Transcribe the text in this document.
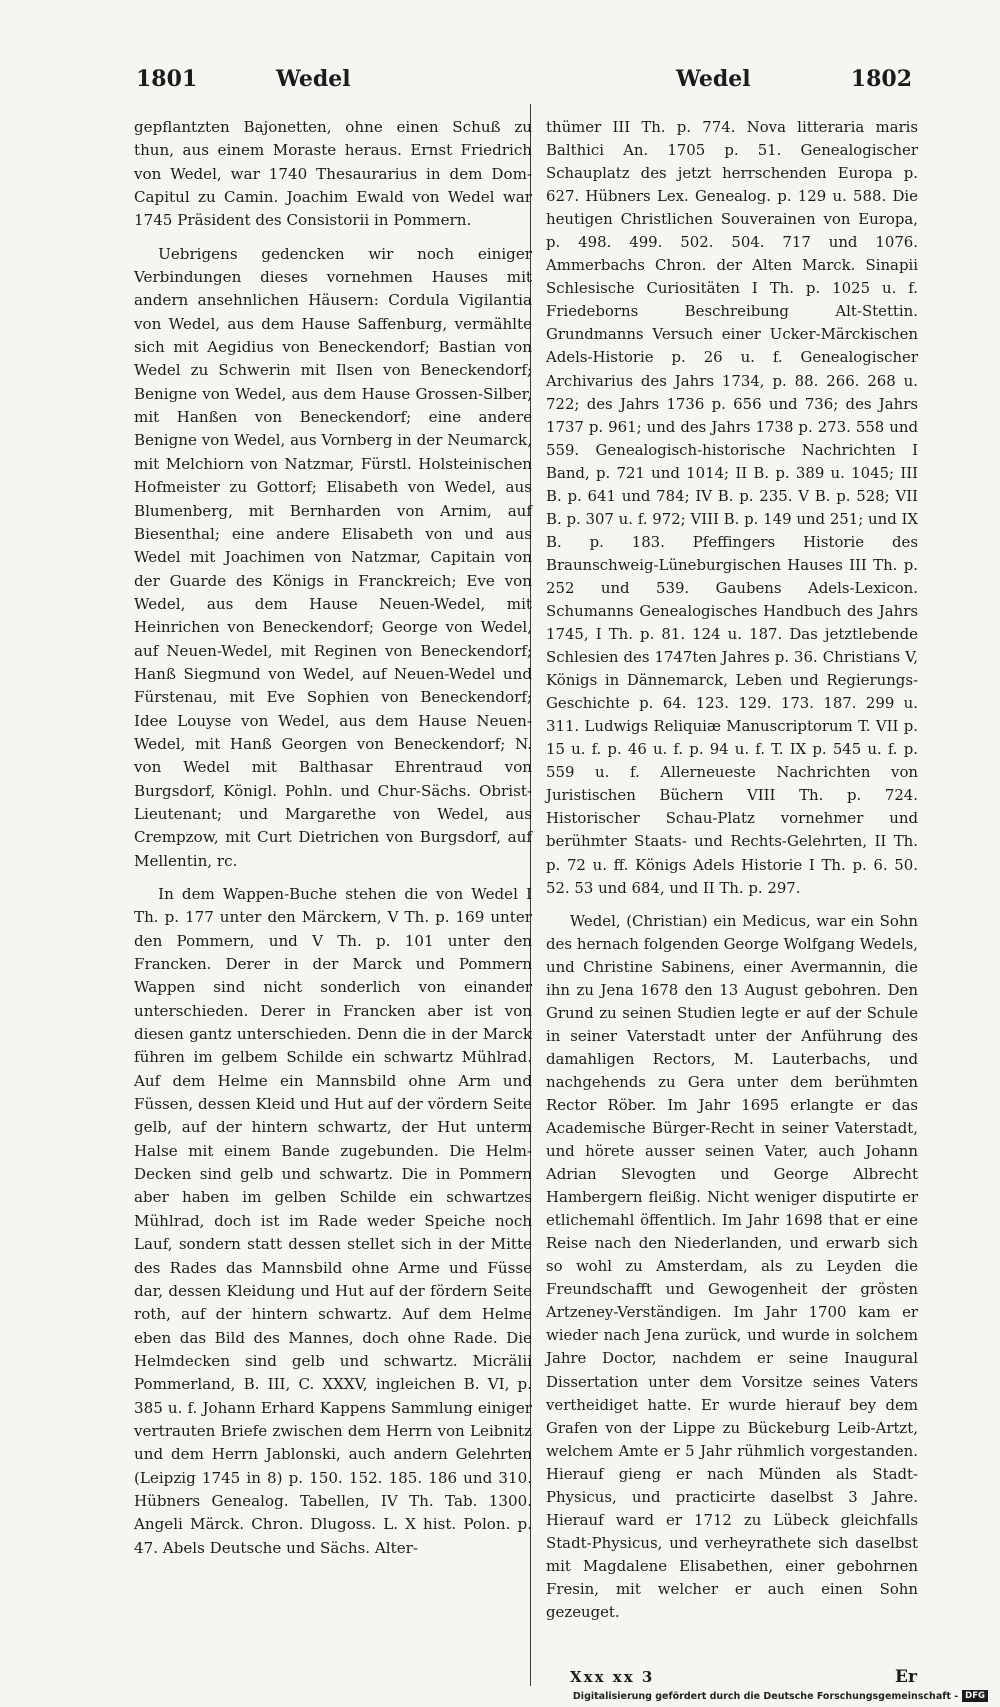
1801	Wedel	Wedel	1802

gepflantzten Bajonetten, ohne einen Schuß zu thun, aus einem Moraste heraus. Ernst Friedrich von Wedel, war 1740 Thesaurarius in dem Dom-Capitul zu Camin. Joachim Ewald von Wedel war 1745 Präsident des Consistorii in Pommern.

Uebrigens gedencken wir noch einiger Verbindungen dieses vornehmen Hauses mit andern ansehnlichen Häusern: Cordula Vigilantia von Wedel, aus dem Hause Saffenburg, vermählte sich mit Aegidius von Beneckendorf; Bastian von Wedel zu Schwerin mit Ilsen von Beneckendorf; Benigne von Wedel, aus dem Hause Grossen-Silber, mit Hanßen von Beneckendorf; eine andere Benigne von Wedel, aus Vornberg in der Neumarck, mit Melchiorn von Natzmar, Fürstl. Holsteinischen Hofmeister zu Gottorf; Elisabeth von Wedel, aus Blumenberg, mit Bernharden von Arnim, auf Biesenthal; eine andere Elisabeth von und aus Wedel mit Joachimen von Natzmar, Capitain von der Guarde des Königs in Franckreich; Eve von Wedel, aus dem Hause Neuen-Wedel, mit Heinrichen von Beneckendorf; George von Wedel, auf Neuen-Wedel, mit Reginen von Beneckendorf; Hanß Siegmund von Wedel, auf Neuen-Wedel und Fürstenau, mit Eve Sophien von Beneckendorf; Idee Louyse von Wedel, aus dem Hause Neuen-Wedel, mit Hanß Georgen von Beneckendorf; N. von Wedel mit Balthasar Ehrentraud von Burgsdorf, Königl. Pohln. und Chur-Sächs. Obrist-Lieutenant; und Margarethe von Wedel, aus Crempzow, mit Curt Dietrichen von Burgsdorf, auf Mellentin, rc.

In dem Wappen-Buche stehen die von Wedel I Th. p. 177 unter den Märckern, V Th. p. 169 unter den Pommern, und V Th. p. 101 unter den Francken. Derer in der Marck und Pommern Wappen sind nicht sonderlich von einander unterschieden. Derer in Francken aber ist von diesen gantz unterschieden. Denn die in der Marck führen im gelbem Schilde ein schwartz Mühlrad. Auf dem Helme ein Mannsbild ohne Arm und Füssen, dessen Kleid und Hut auf der vördern Seite gelb, auf der hintern schwartz, der Hut unterm Halse mit einem Bande zugebunden. Die Helm-Decken sind gelb und schwartz. Die in Pommern aber haben im gelben Schilde ein schwartzes Mühlrad, doch ist im Rade weder Speiche noch Lauf, sondern statt dessen stellet sich in der Mitte des Rades das Mannsbild ohne Arme und Füsse dar, dessen Kleidung und Hut auf der fördern Seite roth, auf der hintern schwartz. Auf dem Helme eben das Bild des Mannes, doch ohne Rade. Die Helmdecken sind gelb und schwartz. Micrälii Pommerland, B. III, C. XXXV, ingleichen B. VI, p. 385 u. f. Johann Erhard Kappens Sammlung einiger vertrauten Briefe zwischen dem Herrn von Leibnitz und dem Herrn Jablonski, auch andern Gelehrten (Leipzig 1745 in 8) p. 150. 152. 185. 186 und 310. Hübners Genealog. Tabellen, IV Th. Tab. 1300. Angeli Märck. Chron. Dlugoss. L. X hist. Polon. p. 47. Abels Deutsche und Sächs. Alter-

thümer III Th. p. 774. Nova litteraria maris Balthici An. 1705 p. 51. Genealogischer Schauplatz des jetzt herrschenden Europa p. 627. Hübners Lex. Genealog. p. 129 u. 588. Die heutigen Christlichen Souverainen von Europa, p. 498. 499. 502. 504. 717 und 1076. Ammerbachs Chron. der Alten Marck. Sinapii Schlesische Curiositäten I Th. p. 1025 u. f. Friedeborns Beschreibung Alt-Stettin. Grundmanns Versuch einer Ucker-Märckischen Adels-Historie p. 26 u. f. Genealogischer Archivarius des Jahrs 1734, p. 88. 266. 268 u. 722; des Jahrs 1736 p. 656 und 736; des Jahrs 1737 p. 961; und des Jahrs 1738 p. 273. 558 und 559. Genealogisch-historische Nachrichten I Band, p. 721 und 1014; II B. p. 389 u. 1045; III B. p. 641 und 784; IV B. p. 235. V B. p. 528; VII B. p. 307 u. f. 972; VIII B. p. 149 und 251; und IX B. p. 183. Pfeffingers Historie des Braunschweig-Lüneburgischen Hauses III Th. p. 252 und 539. Gaubens Adels-Lexicon. Schumanns Genealogisches Handbuch des Jahrs 1745, I Th. p. 81. 124 u. 187. Das jetztlebende Schlesien des 1747ten Jahres p. 36. Christians V, Königs in Dännemarck, Leben und Regierungs-Geschichte p. 64. 123. 129. 173. 187. 299 u. 311. Ludwigs Reliquiæ Manuscriptorum T. VII p. 15 u. f. p. 46 u. f. p. 94 u. f. T. IX p. 545 u. f. p. 559 u. f. Allerneueste Nachrichten von Juristischen Büchern VIII Th. p. 724. Historischer Schau-Platz vornehmer und berühmter Staats- und Rechts-Gelehrten, II Th. p. 72 u. ff. Königs Adels Historie I Th. p. 6. 50. 52. 53 und 684, und II Th. p. 297.

Wedel, (Christian) ein Medicus, war ein Sohn des hernach folgenden George Wolfgang Wedels, und Christine Sabinens, einer Avermannin, die ihn zu Jena 1678 den 13 August gebohren. Den Grund zu seinen Studien legte er auf der Schule in seiner Vaterstadt unter der Anführung des damahligen Rectors, M. Lauterbachs, und nachgehends zu Gera unter dem berühmten Rector Röber. Im Jahr 1695 erlangte er das Academische Bürger-Recht in seiner Vaterstadt, und hörete ausser seinen Vater, auch Johann Adrian Slevogten und George Albrecht Hambergern fleißig. Nicht weniger disputirte er etlichemahl öffentlich. Im Jahr 1698 that er eine Reise nach den Niederlanden, und erwarb sich so wohl zu Amsterdam, als zu Leyden die Freundschafft und Gewogenheit der grösten Artzeney-Verständigen. Im Jahr 1700 kam er wieder nach Jena zurück, und wurde in solchem Jahre Doctor, nachdem er seine Inaugural Dissertation unter dem Vorsitze seines Vaters vertheidiget hatte. Er wurde hierauf bey dem Grafen von der Lippe zu Bückeburg Leib-Artzt, welchem Amte er 5 Jahr rühmlich vorgestanden. Hierauf gieng er nach Münden als Stadt-Physicus, und practicirte daselbst 3 Jahre. Hierauf ward er 1712 zu Lübeck gleichfalls Stadt-Physicus, und verheyrathete sich daselbst mit Magdalene Elisabethen, einer gebohrnen Fresin, mit welcher er auch einen Sohn gezeuget.

Xxx xx 3	Er
Digitalisierung gefördert durch die Deutsche Forschungsgemeinschaft - DFG
